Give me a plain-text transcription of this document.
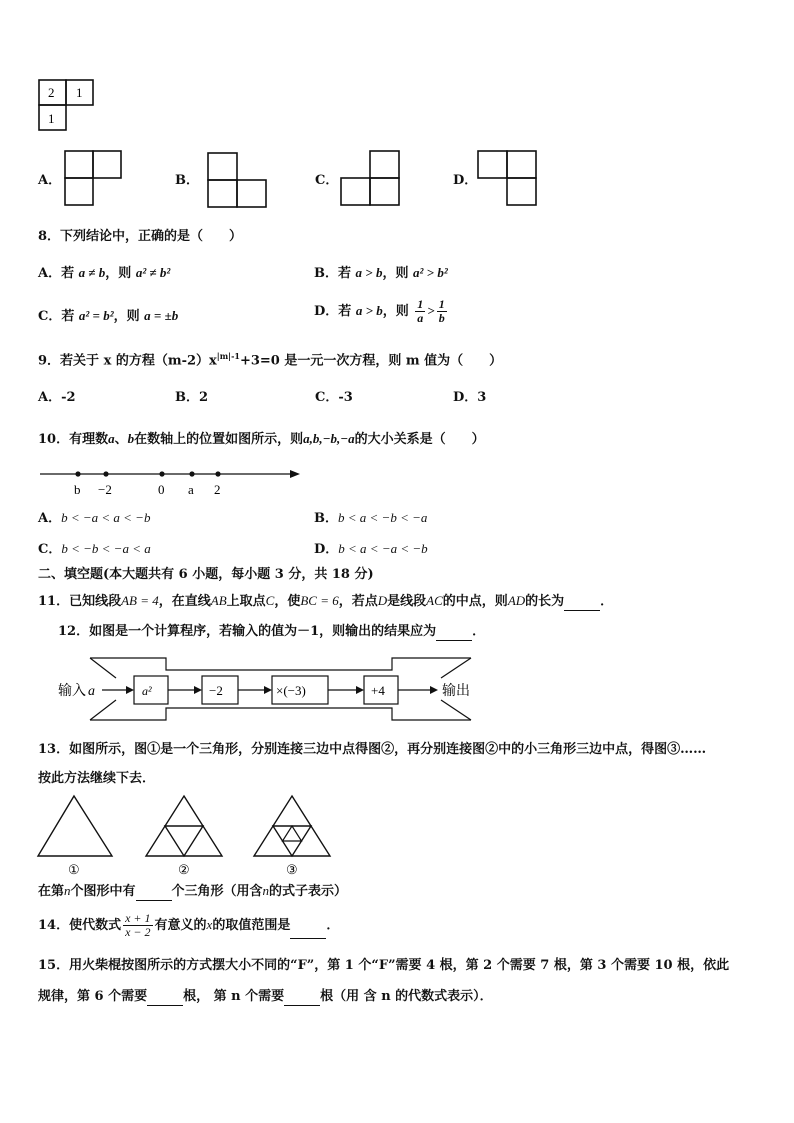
2 1
1
A．	B．	C．	D．
8．下列结论中，正确的是（　　）
A．若 a ≠ b，则 a² ≠ b²	B．若 a > b，则 a² > b²
C．若 a² = b²，则 a = ±b	D．若 a > b，则 $\frac{1}{a} > \frac{1}{b}$
9．若关于 x 的方程$(m-2)x^{|m|-1}+3=0$ 是一元一次方程，则 m 值为（　　）
A．-2	B．2	C．-3	D．3
10．有理数a、b在数轴上的位置如图所示，则a,b,−b,−a的大小关系是（　　）
b −2	0 a 2
A．b < −a < a < −b	B．b < a < −b < −a
C．b < −b < −a < a	D．b < a < −a < −b
二、填空题(本大题共有 6 小题，每小题 3 分，共 18 分)
11．已知线段AB = 4，在直线AB上取点C，使BC = 6，若点D是线段AC的中点，则AD的长为	．
12．如图是一个计算程序，若输入的值为－1，则输出的结果应为	．
输入 a	a²	−2	×(−3)	+4	输出
13．如图所示，图①是一个三角形，分别连接三边中点得图②，再分别连接图②中的小三角形三边中点，得图③……
按此方法继续下去．
①	②	③
在第n个图形中有	个三角形（用含n的式子表示）
14．使代数式 $\frac{x + 1}{x - 2}$ 有意义的x的取值范围是	．
15．用火柴棍按图所示的方式摆大小不同的“F”，第 1 个“F”需要 4 根，第 2 个需要 7 根，第 3 个需要 10 根，依此
规律，第 6 个需要	根， 第 n 个需要	根（用 含 n 的代数式表示）．
